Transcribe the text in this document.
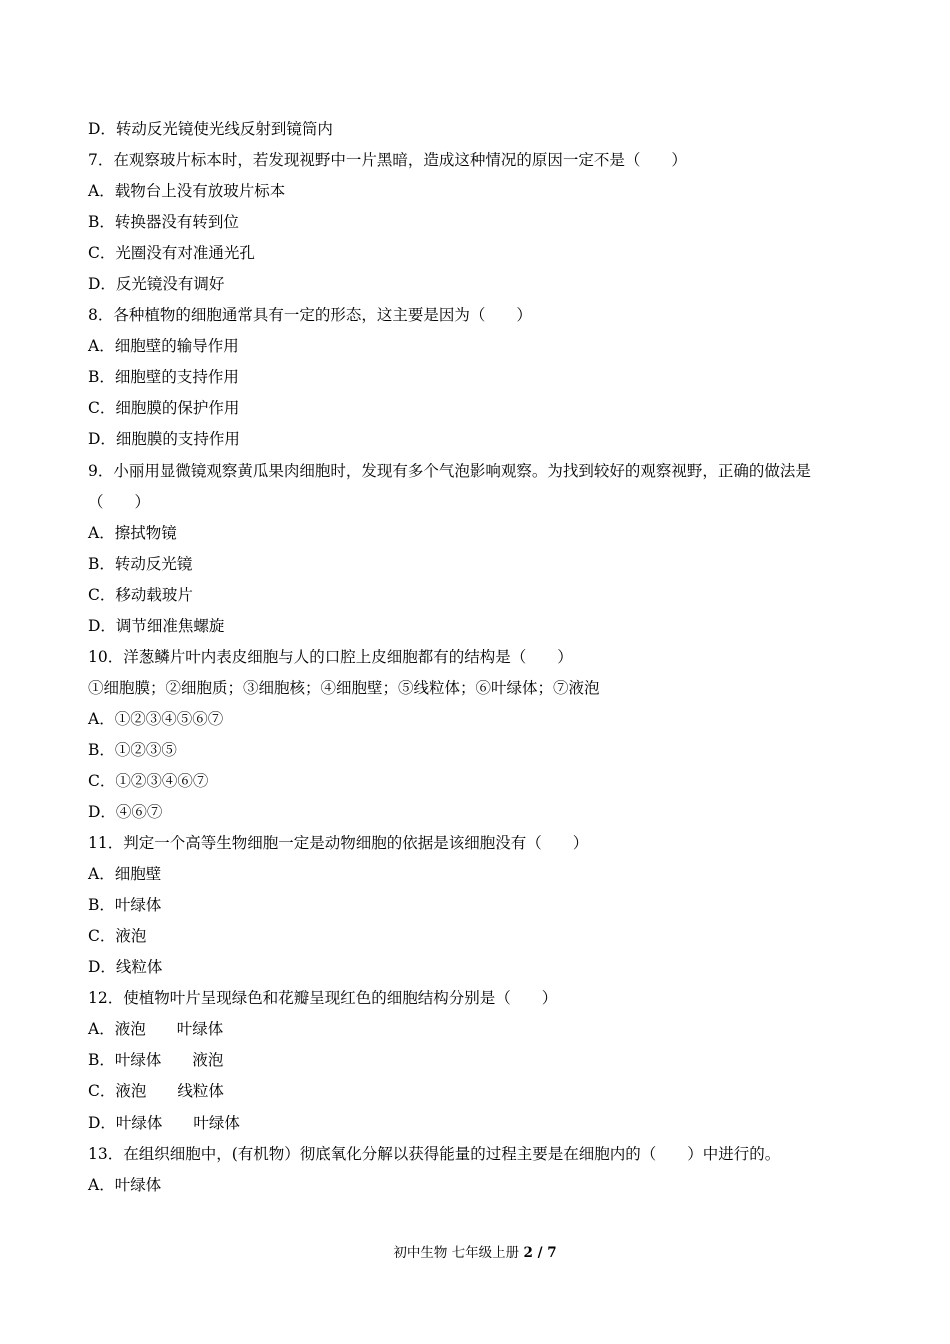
D．转动反光镜使光线反射到镜筒内
7．在观察玻片标本时，若发现视野中一片黑暗，造成这种情况的原因一定不是（　　）
A．载物台上没有放玻片标本
B．转换器没有转到位
C．光圈没有对准通光孔
D．反光镜没有调好
8．各种植物的细胞通常具有一定的形态，这主要是因为（　　）
A．细胞壁的输导作用
B．细胞壁的支持作用
C．细胞膜的保护作用
D．细胞膜的支持作用
9．小丽用显微镜观察黄瓜果肉细胞时，发现有多个气泡影响观察。为找到较好的观察视野，正确的做法是
（　　）
A．擦拭物镜
B．转动反光镜
C．移动载玻片
D．调节细准焦螺旋
10．洋葱鳞片叶内表皮细胞与人的口腔上皮细胞都有的结构是（　　）
①细胞膜；②细胞质；③细胞核；④细胞壁；⑤线粒体；⑥叶绿体；⑦液泡
A．①②③④⑤⑥⑦
B．①②③⑤
C．①②③④⑥⑦
D．④⑥⑦
11．判定一个高等生物细胞一定是动物细胞的依据是该细胞没有（　　）
A．细胞壁
B．叶绿体
C．液泡
D．线粒体
12．使植物叶片呈现绿色和花瓣呈现红色的细胞结构分别是（　　）
A．液泡　　叶绿体
B．叶绿体　　液泡
C．液泡　　线粒体
D．叶绿体　　叶绿体
13．在组织细胞中，(有机物）彻底氧化分解以获得能量的过程主要是在细胞内的（　　）中进行的。
A．叶绿体
初中生物 七年级上册 2 / 7
